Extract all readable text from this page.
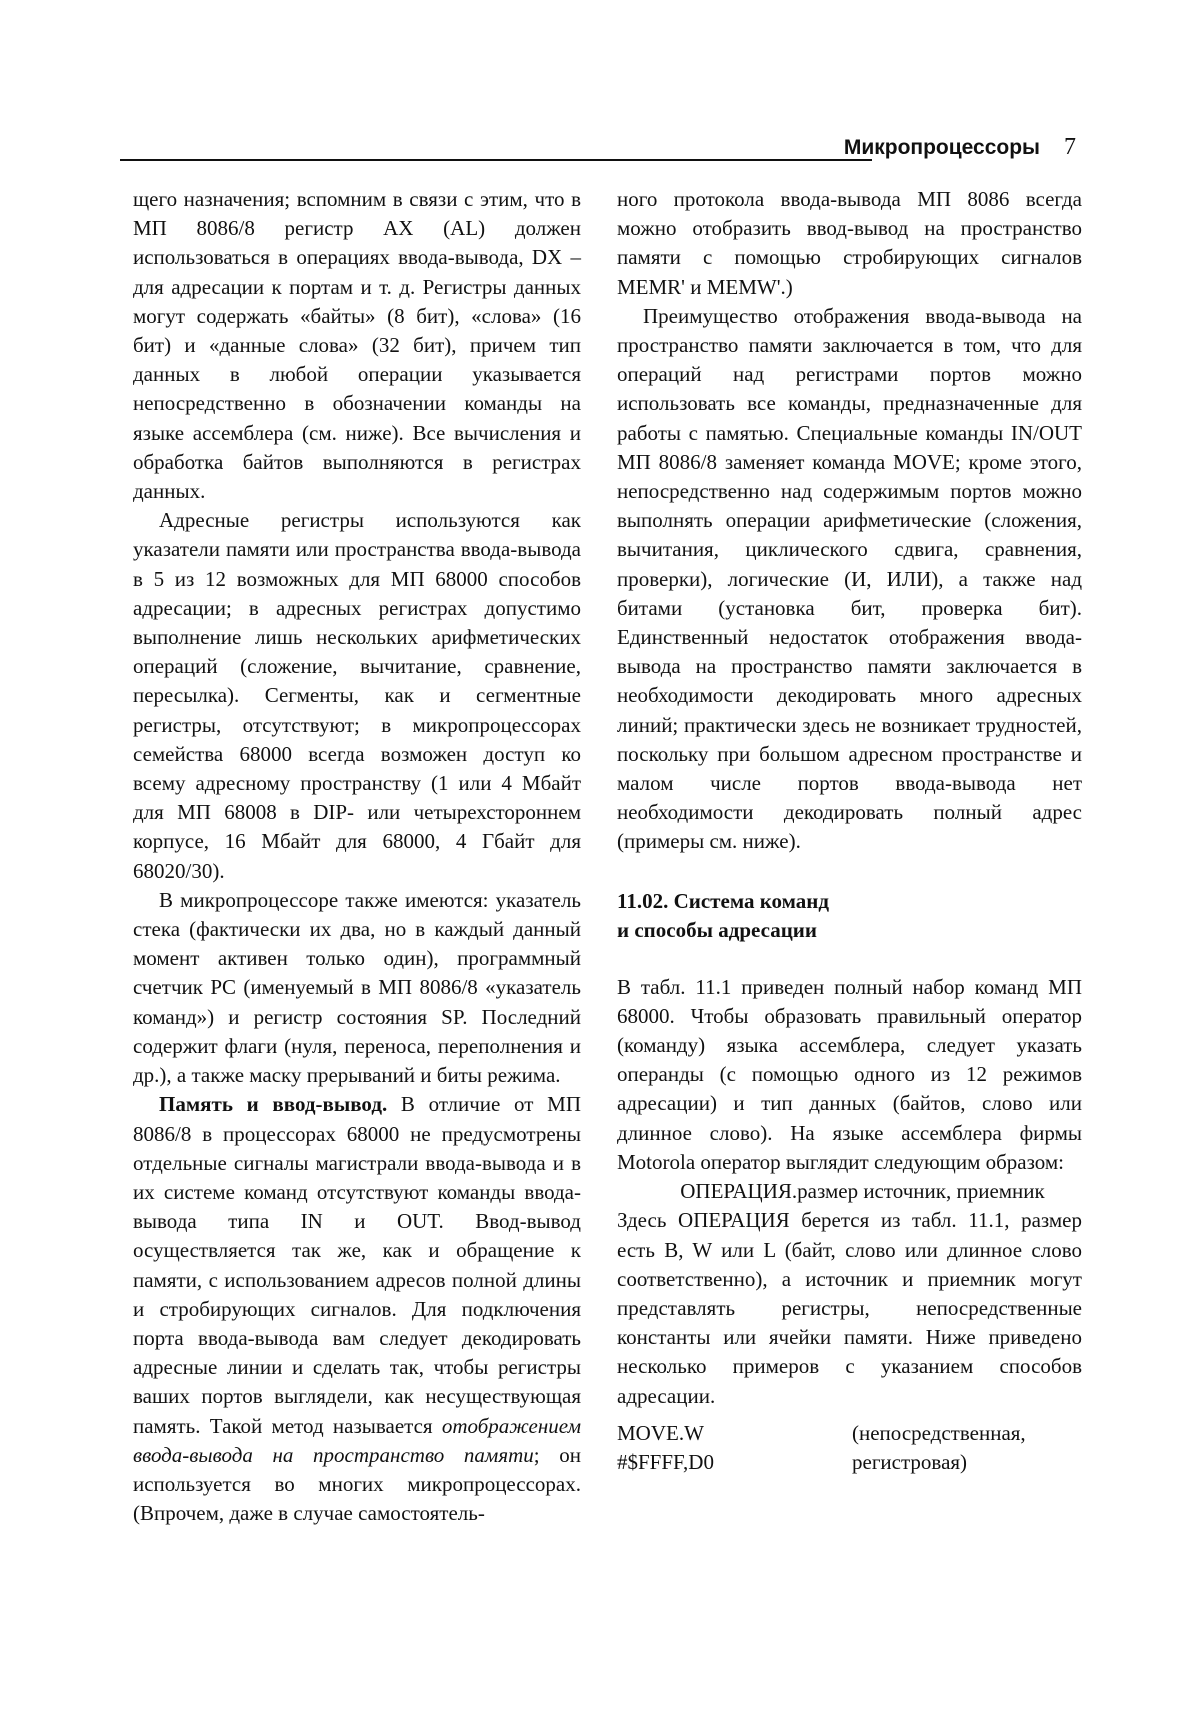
Микропроцессоры 7

щего назначения; вспомним в связи с этим, что в МП 8086/8 регистр AX (AL) должен использоваться в операциях ввода-вывода, DX – для адресации к портам и т. д. Регистры данных могут содержать «байты» (8 бит), «слова» (16 бит) и «данные слова» (32 бит), причем тип данных в любой операции указывается непосредственно в обозначении команды на языке ассемблера (см. ниже). Все вычисления и обработка байтов выполняются в регистрах данных.

Адресные регистры используются как указатели памяти или пространства ввода-вывода в 5 из 12 возможных для МП 68000 способов адресации; в адресных регистрах допустимо выполнение лишь нескольких арифметических операций (сложение, вычитание, сравнение, пересылка). Сегменты, как и сегментные регистры, отсутствуют; в микропроцессорах семейства 68000 всегда возможен доступ ко всему адресному пространству (1 или 4 Мбайт для МП 68008 в DIP- или четырехстороннем корпусе, 16 Мбайт для 68000, 4 Гбайт для 68020/30).

В микропроцессоре также имеются: указатель стека (фактически их два, но в каждый данный момент активен только один), программный счетчик PC (именуемый в МП 8086/8 «указатель команд») и регистр состояния SP. Последний содержит флаги (нуля, переноса, переполнения и др.), а также маску прерываний и биты режима.

Память и ввод-вывод. В отличие от МП 8086/8 в процессорах 68000 не предусмотрены отдельные сигналы магистрали ввода-вывода и в их системе команд отсутствуют команды ввода-вывода типа IN и OUT. Ввод-вывод осуществляется так же, как и обращение к памяти, с использованием адресов полной длины и стробирующих сигналов. Для подключения порта ввода-вывода вам следует декодировать адресные линии и сделать так, чтобы регистры ваших портов выглядели, как несуществующая память. Такой метод называется отображением ввода-вывода на пространство памяти; он используется во многих микропроцессорах. (Впрочем, даже в случае самостоятель-

ного протокола ввода-вывода МП 8086 всегда можно отобразить ввод-вывод на пространство памяти с помощью стробирующих сигналов MEMR' и MEMW'.)

Преимущество отображения ввода-вывода на пространство памяти заключается в том, что для операций над регистрами портов можно использовать все команды, предназначенные для работы с памятью. Специальные команды IN/OUT МП 8086/8 заменяет команда MOVE; кроме этого, непосредственно над содержимым портов можно выполнять операции арифметические (сложения, вычитания, циклического сдвига, сравнения, проверки), логические (И, ИЛИ), а также над битами (установка бит, проверка бит). Единственный недостаток отображения ввода-вывода на пространство памяти заключается в необходимости декодировать много адресных линий; практически здесь не возникает трудностей, поскольку при большом адресном пространстве и малом числе портов ввода-вывода нет необходимости декодировать полный адрес (примеры см. ниже).

11.02. Система команд
и способы адресации

В табл. 11.1 приведен полный набор команд МП 68000. Чтобы образовать правильный оператор (команду) языка ассемблера, следует указать операнды (с помощью одного из 12 режимов адресации) и тип данных (байтов, слово или длинное слово). На языке ассемблера фирмы Motorola оператор выглядит следующим образом:

ОПЕРАЦИЯ.размер источник, приемник

Здесь ОПЕРАЦИЯ берется из табл. 11.1, размер есть B, W или L (байт, слово или длинное слово соответственно), а источник и приемник могут представлять регистры, непосредственные константы или ячейки памяти. Ниже приведено несколько примеров с указанием способов адресации.

MOVE.W
#$FFFF,D0
(непосредственная,
регистровая)
